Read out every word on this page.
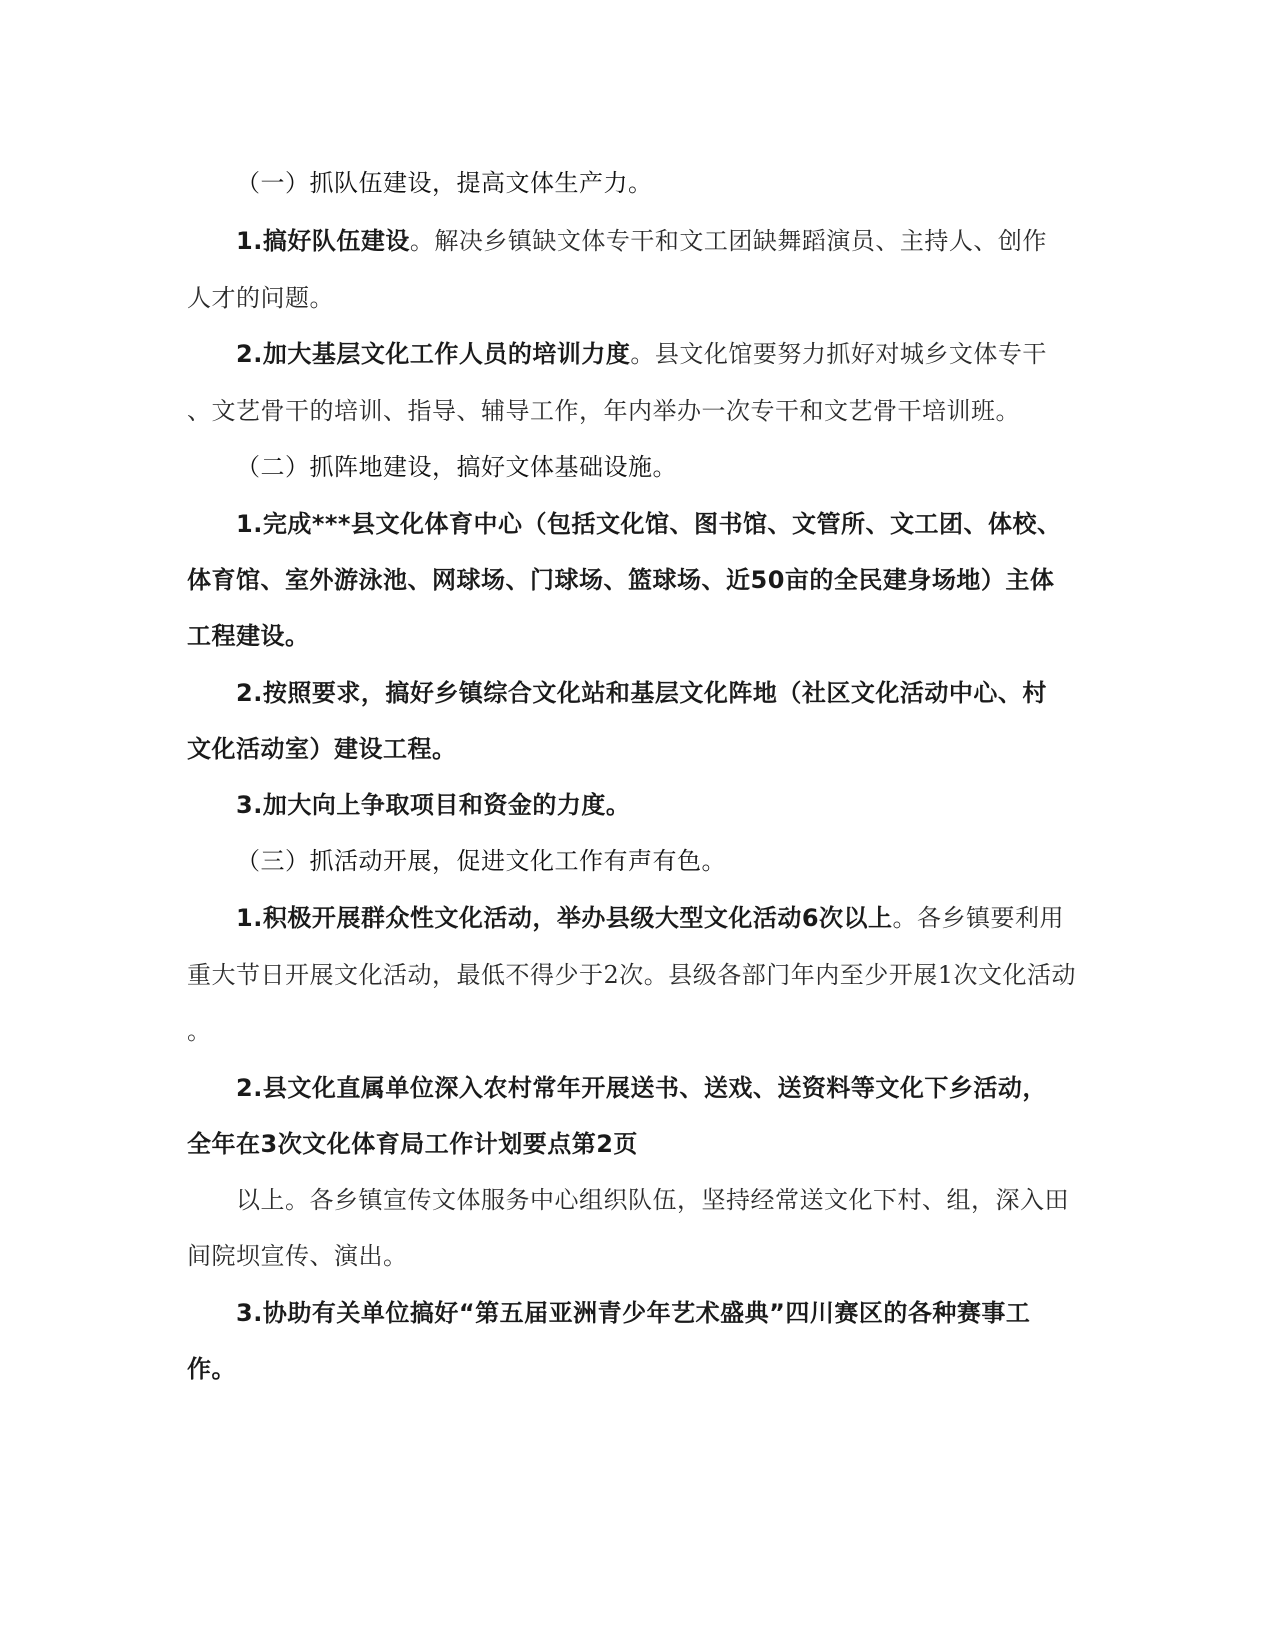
（一）抓队伍建设，提高文体生产力。
1.搞好队伍建设。解决乡镇缺文体专干和文工团缺舞蹈演员、主持人、创作
人才的问题。
2.加大基层文化工作人员的培训力度。县文化馆要努力抓好对城乡文体专干
、文艺骨干的培训、指导、辅导工作，年内举办一次专干和文艺骨干培训班。
（二）抓阵地建设，搞好文体基础设施。
1.完成***县文化体育中心（包括文化馆、图书馆、文管所、文工团、体校、
体育馆、室外游泳池、网球场、门球场、篮球场、近50亩的全民建身场地）主体
工程建设。
2.按照要求，搞好乡镇综合文化站和基层文化阵地（社区文化活动中心、村
文化活动室）建设工程。
3.加大向上争取项目和资金的力度。
（三）抓活动开展，促进文化工作有声有色。
1.积极开展群众性文化活动，举办县级大型文化活动6次以上。各乡镇要利用
重大节日开展文化活动，最低不得少于2次。县级各部门年内至少开展1次文化活动
。
2.县文化直属单位深入农村常年开展送书、送戏、送资料等文化下乡活动，
全年在3次文化体育局工作计划要点第2页
以上。各乡镇宣传文体服务中心组织队伍，坚持经常送文化下村、组，深入田
间院坝宣传、演出。
3.协助有关单位搞好“第五届亚洲青少年艺术盛典”四川赛区的各种赛事工
作。
